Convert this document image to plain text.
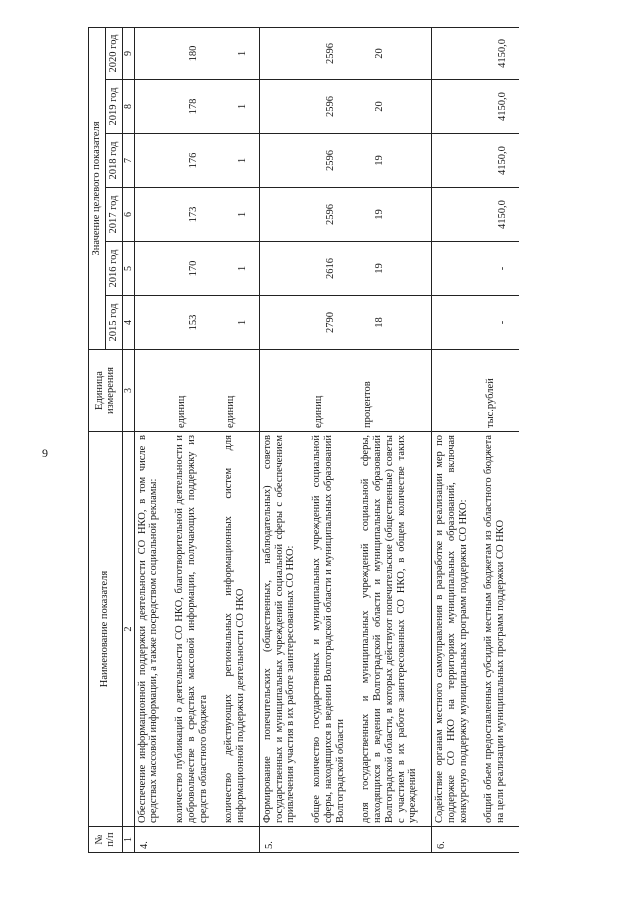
9
№ п/п	Наименование показателя	Единица измерения	Значение целевого показателя					
			2015 год	2016 год	2017 год	2018 год	2019 год	2020 год
1	2	3	4	5	6	7	8	9
4.	Обеспечение информационной поддержки деятельности СО НКО, в том числе в средствах массовой информации, а также посредством социальной рекламы:							
	количество публикаций о деятельности СО НКО, благотворительной деятельности и добровольчестве в средствах массовой информации, получающих поддержку из средств областного бюджета	единиц	153	170	173	176	178	180
	количество действующих региональных информационных систем для информационной поддержки деятельности СО НКО	единиц	1	1	1	1	1	1
5.	Формирование попечительских (общественных, наблюдательных) советов государственных и муниципальных учреждений социальной сферы с обеспечением привлечения участия в их работе заинтересованных СО НКО:							
	общее количество государственных и муниципальных учреждений социальной сферы, находящихся в ведении Волгоградской области и муниципальных образований Волгоградской области	единиц	2790	2616	2596	2596	2596	2596
	доля государственных и муниципальных учреждений социальной сферы, находящихся в ведении Волгоградской области и муниципальных образований Волгоградской области, в которых действуют попечительские (общественные) советы с участием в их работе заинтересованных СО НКО, в общем количестве таких учреждений	процентов	18	19	19	19	20	20
6.	Содействие органам местного самоуправления в разработке и реализации мер по поддержке СО НКО на территориях муниципальных образований, включая конкурсную поддержку муниципальных программ поддержки СО НКО:							
	общий объем предоставленных субсидий местным бюджетам из областного бюджета на цели реализации муниципальных программ поддержки СО НКО	тыс.рублей	-	-	4150,0	4150,0	4150,0	4150,0
